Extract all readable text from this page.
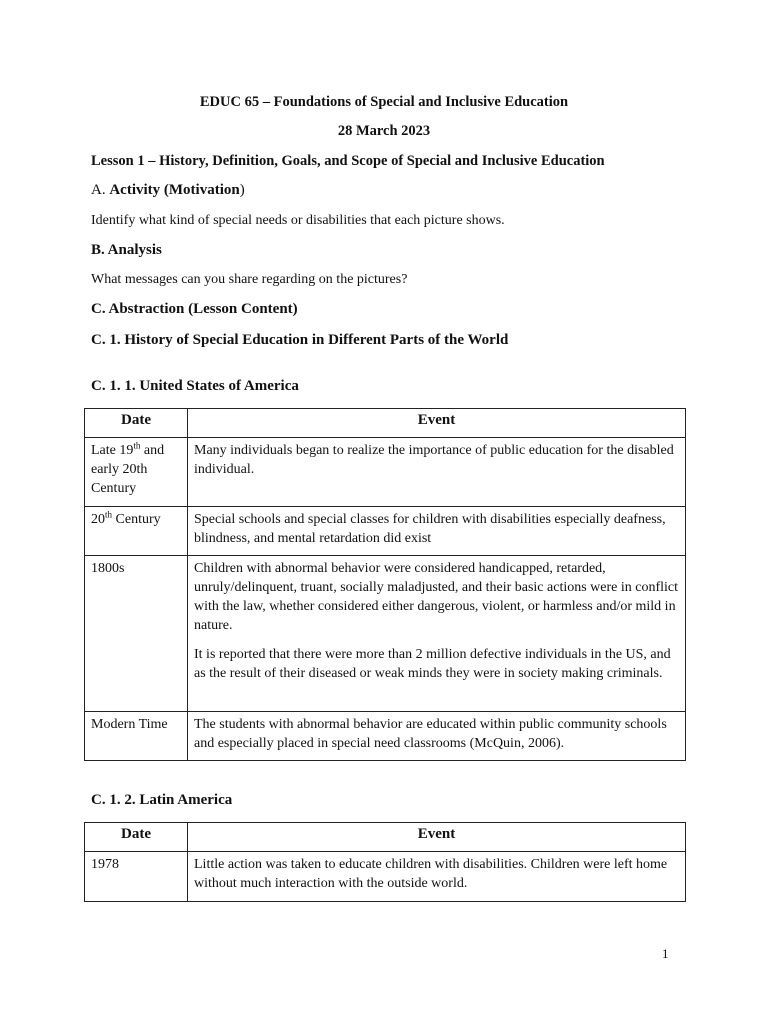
EDUC 65 – Foundations of Special and Inclusive Education
28 March 2023
Lesson 1 – History, Definition, Goals, and Scope of Special and Inclusive Education
A. Activity (Motivation)
Identify what kind of special needs or disabilities that each picture shows.
B. Analysis
What messages can you share regarding on the pictures?
C. Abstraction (Lesson Content)
C. 1. History of Special Education in Different Parts of the World
C. 1. 1. United States of America
Date	Event
Late 19th and early 20th Century	Many individuals began to realize the importance of public education for the disabled individual.

20th Century	Special schools and special classes for children with disabilities especially deafness, blindness, and mental retardation did exist

1800s	Children with abnormal behavior were considered handicapped, retarded, unruly/delinquent, truant, socially maladjusted, and their basic actions were in conflict with the law, whether considered either dangerous, violent, or harmless and/or mild in nature.

It is reported that there were more than 2 million defective individuals in the US, and as the result of their diseased or weak minds they were in society making criminals.

Modern Time	The students with abnormal behavior are educated within public community schools and especially placed in special need classrooms (McQuin, 2006).

C. 1. 2. Latin America
Date	Event
1978	Little action was taken to educate children with disabilities. Children were left home without much interaction with the outside world.

1
